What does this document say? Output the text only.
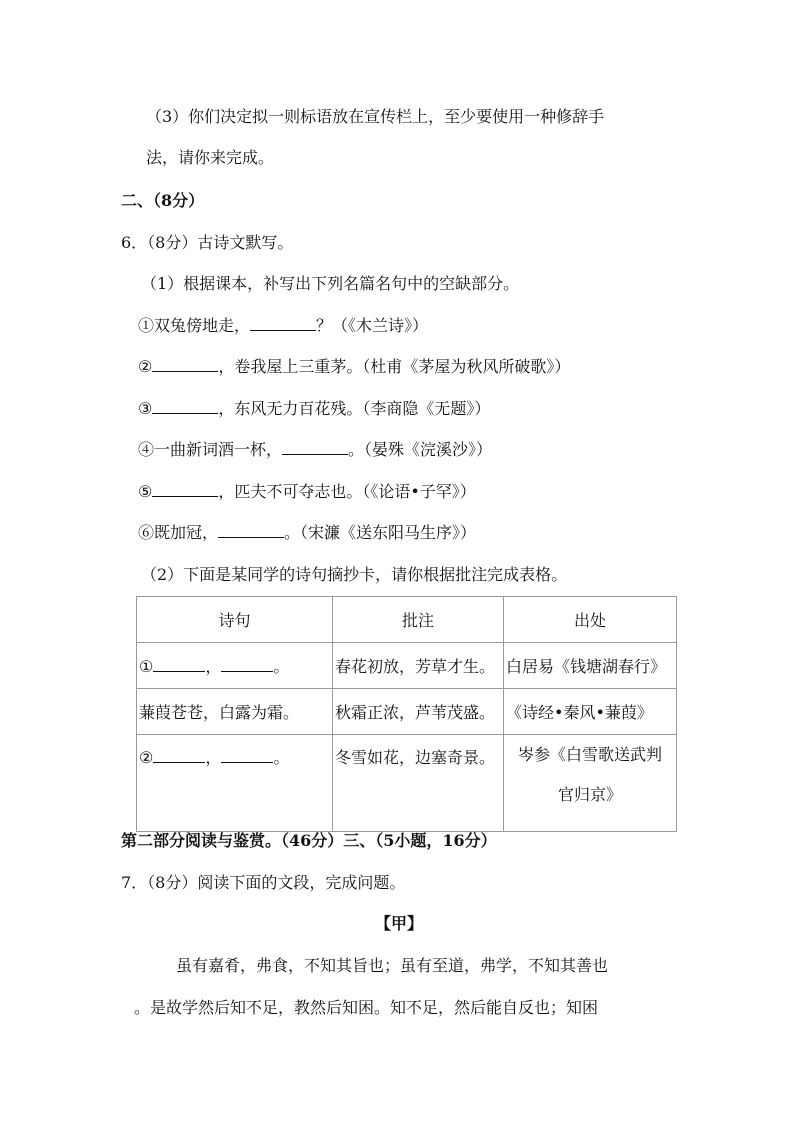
（3）你们决定拟一则标语放在宣传栏上，至少要使用一种修辞手
法，请你来完成。
二、（8分）
6．（8分）古诗文默写。
（1）根据课本，补写出下列名篇名句中的空缺部分。
①双兔傍地走，	？（《木兰诗》）
②	，卷我屋上三重茅。（杜甫《茅屋为秋风所破歌》）
③	，东风无力百花残。（李商隐《无题》）
④一曲新词酒一杯，	。（晏殊《浣溪沙》）
⑤	，匹夫不可夺志也。（《论语•子罕》）
⑥既加冠，	。（宋濂《送东阳马生序》）
（2）下面是某同学的诗句摘抄卡，请你根据批注完成表格。
诗句	批注	出处
① ， 。	春花初放，芳草才生。	白居易《钱塘湖春行》
蒹葭苍苍，白露为霜。	秋霜正浓，芦苇茂盛。	《诗经•秦风•蒹葭》
② ， 。	冬雪如花，边塞奇景。	岑参《白雪歌送武判
官归京》
第二部分阅读与鉴赏。（46分）三、（5小题，16分）
7．（8分）阅读下面的文段，完成问题。
【甲】
虽有嘉肴，弗食，不知其旨也；虽有至道，弗学，不知其善也
。是故学然后知不足，教然后知困。知不足，然后能自反也；知困
